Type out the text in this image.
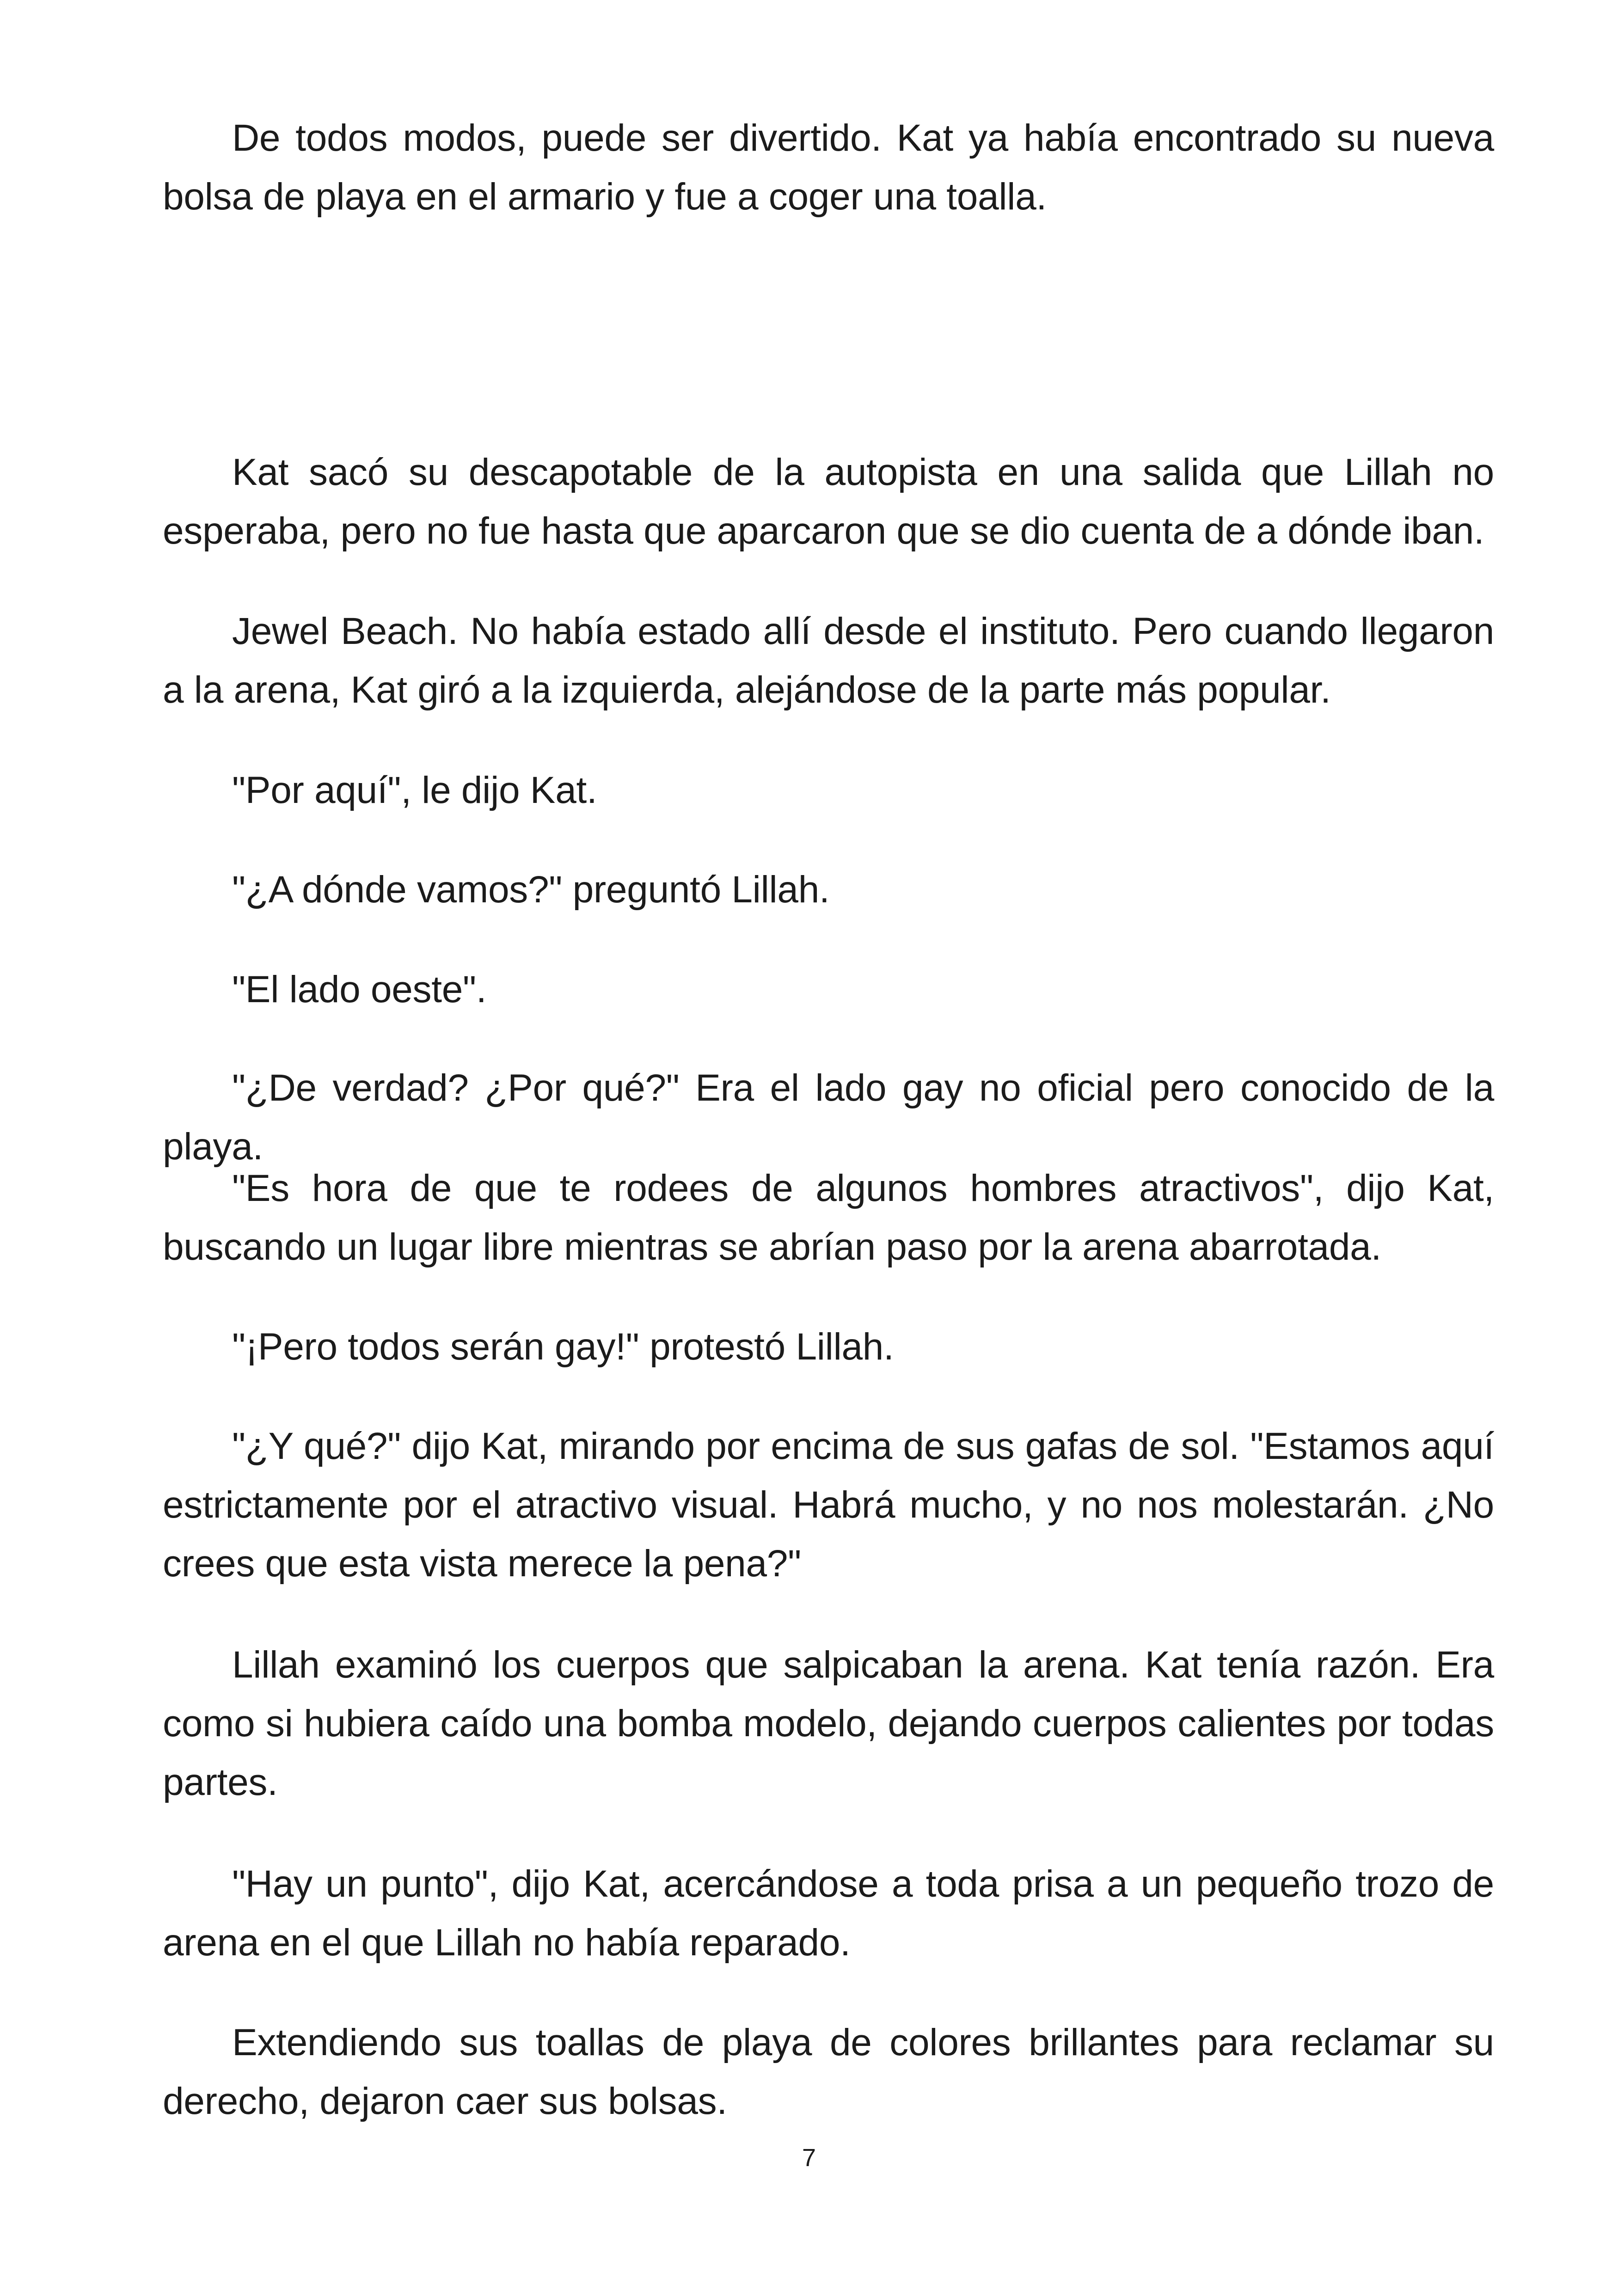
De todos modos, puede ser divertido. Kat ya había encontrado su nueva bolsa de playa en el armario y fue a coger una toalla.

Kat sacó su descapotable de la autopista en una salida que Lillah no esperaba, pero no fue hasta que aparcaron que se dio cuenta de a dónde iban.

Jewel Beach. No había estado allí desde el instituto. Pero cuando llegaron a la arena, Kat giró a la izquierda, alejándose de la parte más popular.

"Por aquí", le dijo Kat.

"¿A dónde vamos?" preguntó Lillah.

"El lado oeste".

"¿De verdad? ¿Por qué?" Era el lado gay no oficial pero conocido de la playa.

"Es hora de que te rodees de algunos hombres atractivos", dijo Kat, buscando un lugar libre mientras se abrían paso por la arena abarrotada.

"¡Pero todos serán gay!" protestó Lillah.

"¿Y qué?" dijo Kat, mirando por encima de sus gafas de sol. "Estamos aquí estrictamente por el atractivo visual. Habrá mucho, y no nos molestarán. ¿No crees que esta vista merece la pena?"

Lillah examinó los cuerpos que salpicaban la arena. Kat tenía razón. Era como si hubiera caído una bomba modelo, dejando cuerpos calientes por todas partes.

"Hay un punto", dijo Kat, acercándose a toda prisa a un pequeño trozo de arena en el que Lillah no había reparado.

Extendiendo sus toallas de playa de colores brillantes para reclamar su derecho, dejaron caer sus bolsas.

7
